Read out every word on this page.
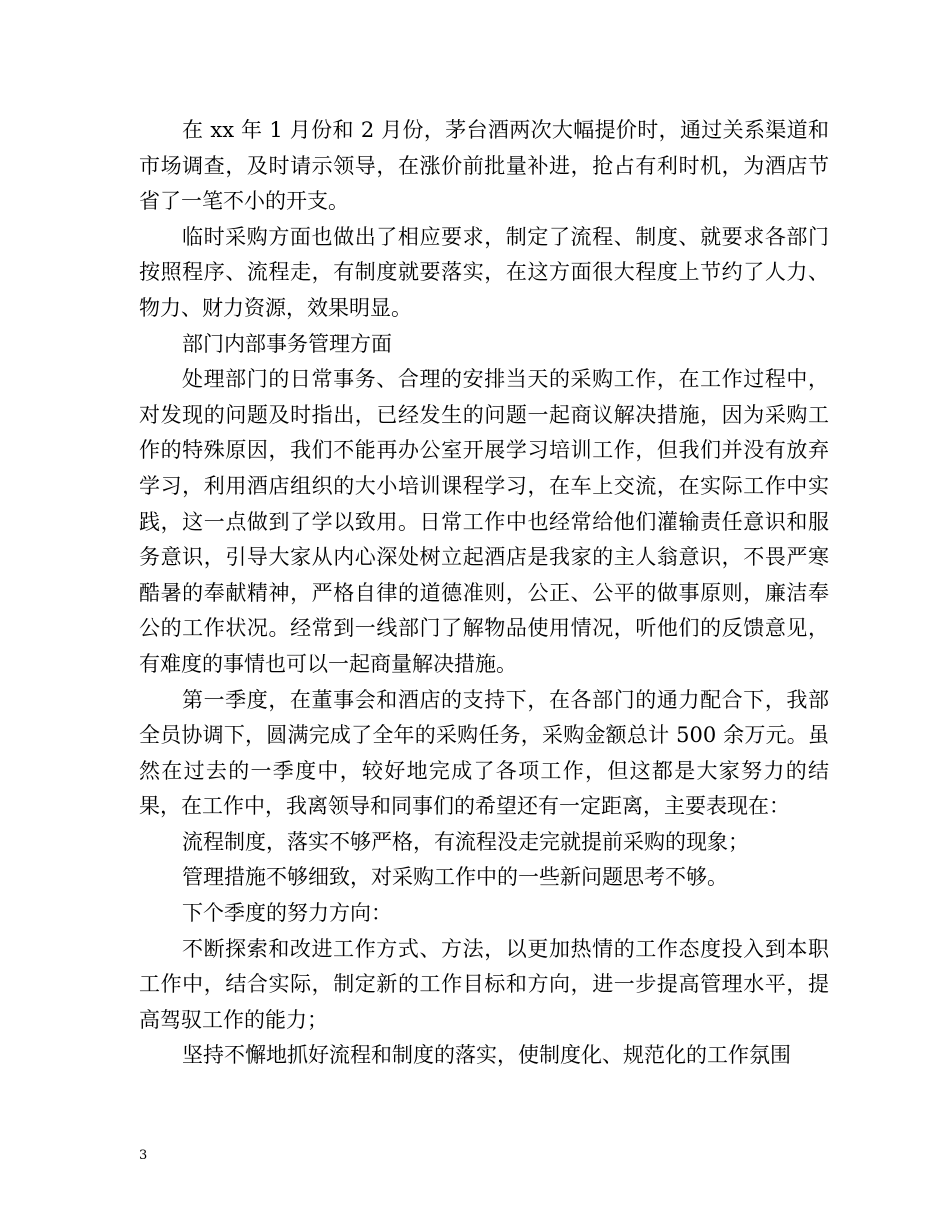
在 xx 年 1 月份和 2 月份，茅台酒两次大幅提价时，通过关系渠道和市场调查，及时请示领导，在涨价前批量补进，抢占有利时机，为酒店节省了一笔不小的开支。

临时采购方面也做出了相应要求，制定了流程、制度、就要求各部门按照程序、流程走，有制度就要落实，在这方面很大程度上节约了人力、物力、财力资源，效果明显。

部门内部事务管理方面

处理部门的日常事务、合理的安排当天的采购工作，在工作过程中，对发现的问题及时指出，已经发生的问题一起商议解决措施，因为采购工作的特殊原因，我们不能再办公室开展学习培训工作，但我们并没有放弃学习，利用酒店组织的大小培训课程学习，在车上交流，在实际工作中实践，这一点做到了学以致用。日常工作中也经常给他们灌输责任意识和服务意识，引导大家从内心深处树立起酒店是我家的主人翁意识，不畏严寒酷暑的奉献精神，严格自律的道德准则，公正、公平的做事原则，廉洁奉公的工作状况。经常到一线部门了解物品使用情况，听他们的反馈意见，有难度的事情也可以一起商量解决措施。

第一季度，在董事会和酒店的支持下，在各部门的通力配合下，我部全员协调下，圆满完成了全年的采购任务，采购金额总计 500 余万元。虽然在过去的一季度中，较好地完成了各项工作，但这都是大家努力的结果，在工作中，我离领导和同事们的希望还有一定距离，主要表现在：

流程制度，落实不够严格，有流程没走完就提前采购的现象；

管理措施不够细致，对采购工作中的一些新问题思考不够。

下个季度的努力方向：

不断探索和改进工作方式、方法，以更加热情的工作态度投入到本职工作中，结合实际，制定新的工作目标和方向，进一步提高管理水平，提高驾驭工作的能力；

坚持不懈地抓好流程和制度的落实，使制度化、规范化的工作氛围

3
